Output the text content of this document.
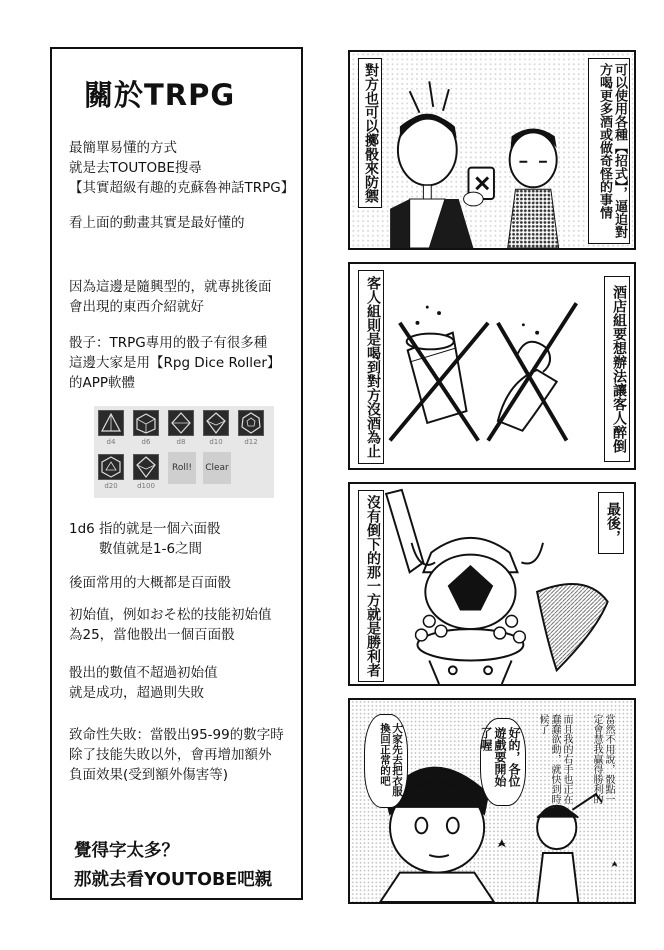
關於TRPG
最簡單易懂的方式
就是去TOUTOBE搜尋
【其實超級有趣的克蘇魯神話TRPG】
看上面的動畫其實是最好懂的
因為這邊是隨興型的，就專挑後面
會出現的東西介紹就好
骰子：TRPG專用的骰子有很多種
這邊大家是用【Rpg Dice Roller】
的APP軟體
d4	d6	d8	d10	d12
d20	d100
Roll!	Clear
1d6 指的就是一個六面骰
數值就是1-6之間
後面常用的大概都是百面骰
初始值，例如おそ松的技能初始值
為25，當他骰出一個百面骰
骰出的數值不超過初始值
就是成功，超過則失敗
致命性失敗：當骰出95-99的數字時
除了技能失敗以外，會再增加額外
負面效果(受到額外傷害等)
覺得字太多？
那就去看YOUTOBE吧親
可以使用各種【招式】，逼迫對方喝更多酒或做奇怪的事情
對方也可以擲骰來防禦
酒店組要想辦法讓客人醉倒
客人組則是喝到對方沒酒為止
最後，
沒有倒下的那一方就是勝利者
當然不用說，骰點一定會慧我贏得勝利的
而且我的右手也正在蠢蠢欲動，就快到時候了
好的，各位遊戲要開始了喔
大家先去把衣服換回正常的吧
